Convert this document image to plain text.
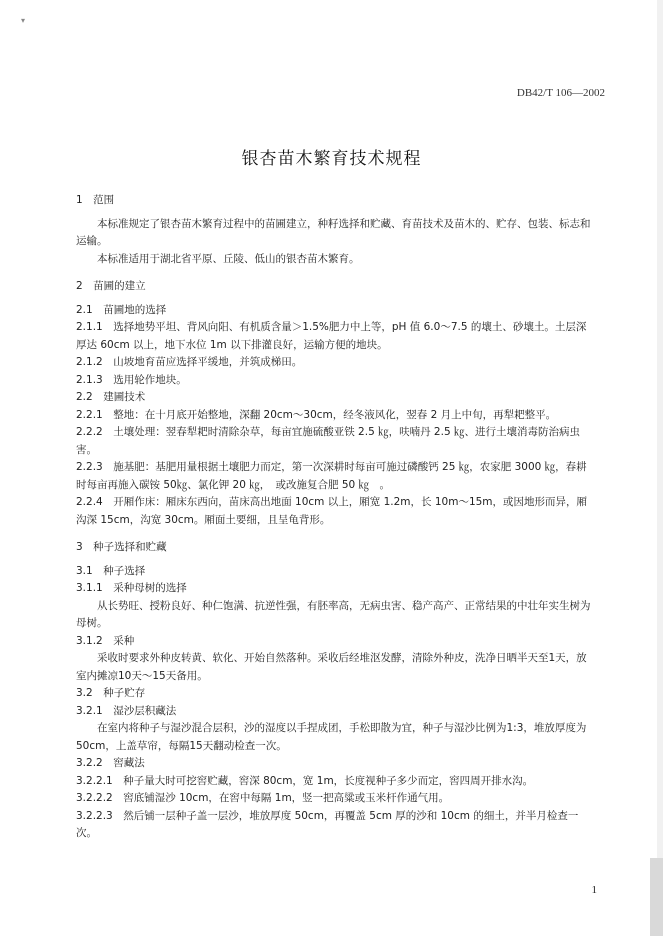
▾
DB42/T 106—2002
银杏苗木繁育技术规程
1　范围

本标准规定了银杏苗木繁育过程中的苗圃建立，种籽选择和贮藏、育苗技术及苗木的、贮存、包装、标志和运输。

本标准适用于湖北省平原、丘陵、低山的银杏苗木繁育。

2　苗圃的建立
2.1　苗圃地的选择
2.1.1　选择地势平坦、背风向阳、有机质含量＞1.5%肥力中上等，pH 值 6.0～7.5 的壤土、砂壤土。土层深厚达 60cm 以上，地下水位 1m 以下排灌良好，运输方便的地块。
2.1.2　山坡地育苗应选择平缓地，并筑成梯田。
2.1.3　选用轮作地块。
2.2　建圃技术
2.2.1　整地：在十月底开始整地，深翻 20cm～30cm，经冬液风化，翌春 2 月上中旬，再犁耙整平。
2.2.2　土壤处理：翌春犁耙时清除杂草，每亩宜施硫酸亚铁 2.5 ㎏，呋喃丹 2.5 ㎏、进行土壤消毒防治病虫害。
2.2.3　施基肥：基肥用量根据土壤肥力而定，第一次深耕时每亩可施过磷酸钙 25 ㎏，农家肥 3000 ㎏，春耕时每亩再施入碳铵 50㎏、氯化钾 20 ㎏，　或改施复合肥 50 ㎏　。
2.2.4　开厢作床：厢床东西向，苗床高出地面 10cm 以上，厢宽 1.2m，长 10m～15m，或因地形而异，厢沟深 15cm，沟宽 30cm。厢面土要细，且呈龟背形。
3　种子选择和贮藏
3.1　种子选择
3.1.1　采种母树的选择

从长势旺、授粉良好、种仁饱满、抗逆性强，有胚率高，无病虫害、稳产高产、正常结果的中壮年实生树为母树。

3.1.2　采种

采收时要求外种皮转黄、软化、开始自然落种。采收后经堆沤发酵，清除外种皮，洗净日晒半天至1天，放室内摊凉10天～15天备用。

3.2　种子贮存
3.2.1　湿沙层积藏法

在室内将种子与湿沙混合层积，沙的湿度以手捏成团，手松即散为宜，种子与湿沙比例为1:3，堆放厚度为50cm，上盖草帘，每隔15天翻动检查一次。

3.2.2　窖藏法
3.2.2.1　种子量大时可挖窖贮藏，窖深 80cm，宽 1m，长度视种子多少而定，窖四周开排水沟。
3.2.2.2　窖底铺湿沙 10cm，在窖中每隔 1m，竖一把高粱或玉米杆作通气用。
3.2.2.3　然后铺一层种子盖一层沙，堆放厚度 50cm，再覆盖 5cm 厚的沙和 10cm 的细土，并半月检查一次。
1
